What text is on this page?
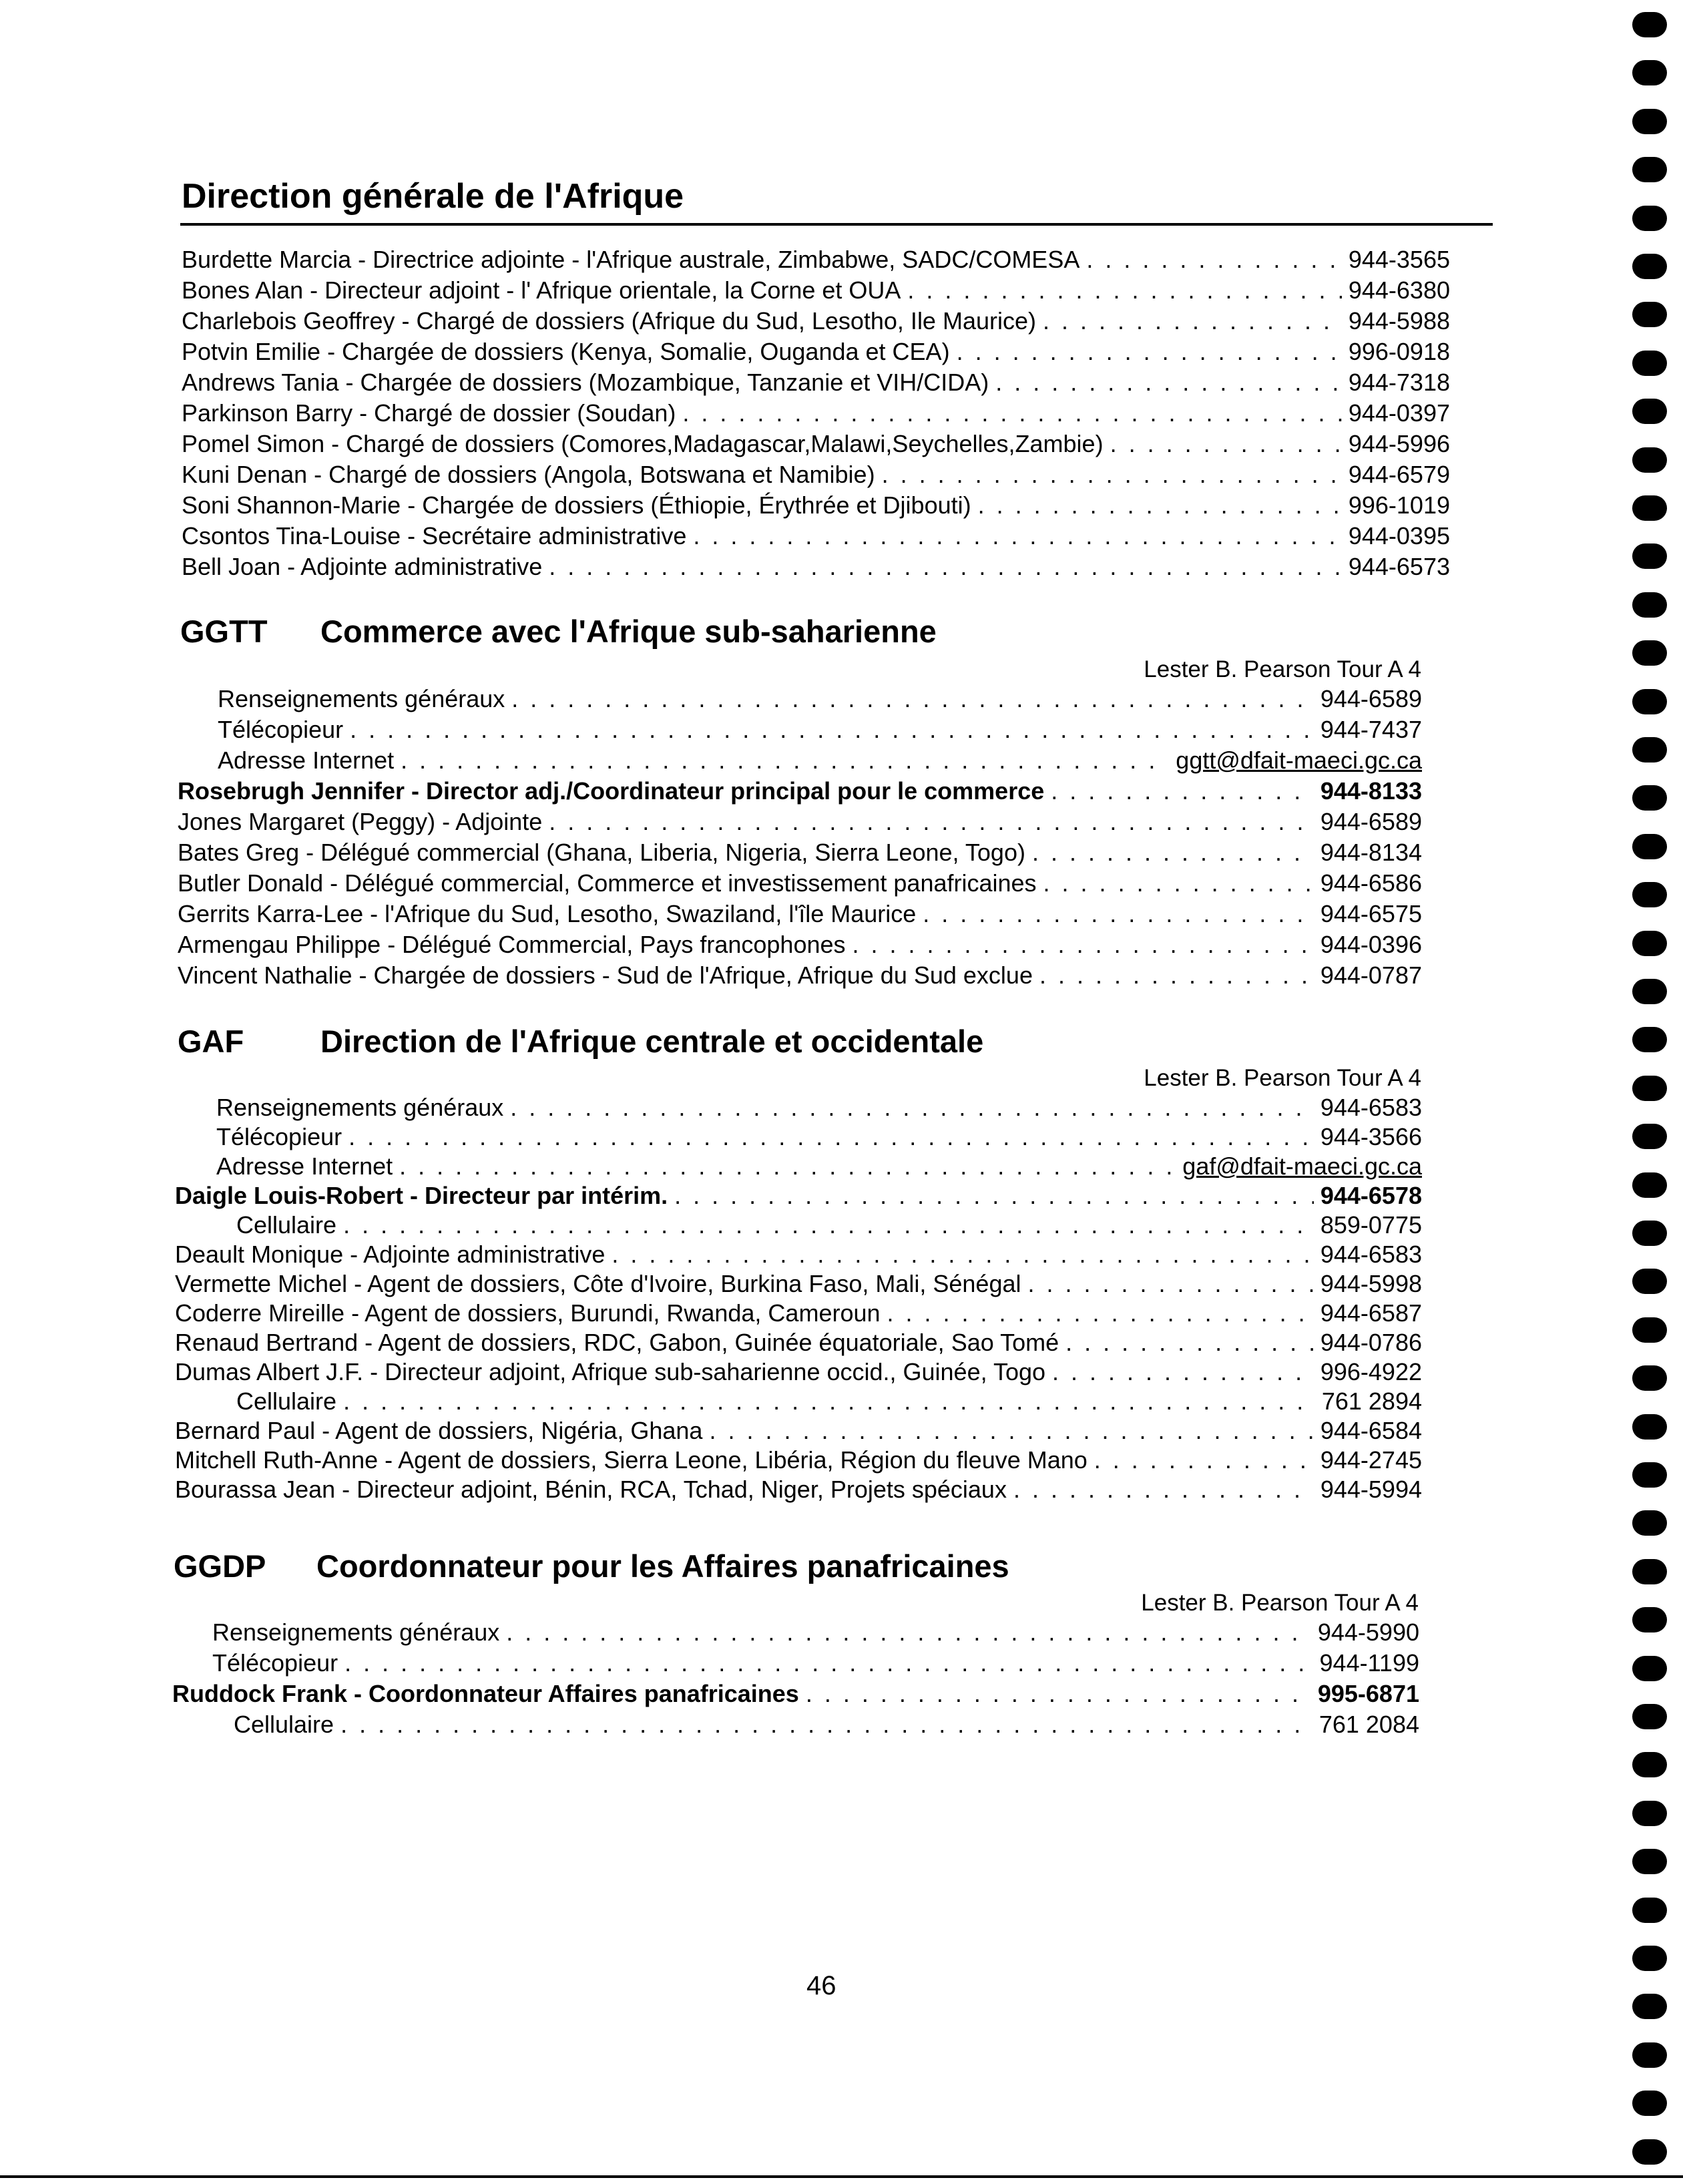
Direction générale de l'Afrique
Burdette Marcia - Directrice adjointe - l'Afrique australe, Zimbabwe, SADC/COMESA . . .	944-3565
Bones Alan - Directeur adjoint - l' Afrique orientale, la Corne et OUA . . .	944-6380
Charlebois Geoffrey - Chargé de dossiers (Afrique du Sud, Lesotho, Ile Maurice) . . .	944-5988
Potvin Emilie - Chargée de dossiers (Kenya, Somalie, Ouganda et CEA) . . .	996-0918
Andrews Tania - Chargée de dossiers (Mozambique, Tanzanie et VIH/CIDA) . . .	944-7318
Parkinson Barry - Chargé de dossier (Soudan) . . .	944-0397
Pomel Simon - Chargé de dossiers (Comores,Madagascar,Malawi,Seychelles,Zambie) . . .	944-5996
Kuni Denan - Chargé de dossiers (Angola, Botswana et Namibie) . . .	944-6579
Soni Shannon-Marie - Chargée de dossiers (Éthiopie, Érythrée et Djibouti) . . .	996-1019
Csontos Tina-Louise - Secrétaire administrative . . .	944-0395
Bell Joan - Adjointe administrative . . .	944-6573
GGTT Commerce avec l'Afrique sub-saharienne
Lester B. Pearson Tour A 4
Renseignements généraux . . .	944-6589
Télécopieur . . .	944-7437
Adresse Internet . . .	ggtt@dfait-maeci.gc.ca
Rosebrugh Jennifer - Director adj./Coordinateur principal pour le commerce . . .	944-8133
Jones Margaret (Peggy) - Adjointe . . .	944-6589
Bates Greg - Délégué commercial (Ghana, Liberia, Nigeria, Sierra Leone, Togo) . . .	944-8134
Butler Donald - Délégué commercial, Commerce et investissement panafricaines . . .	944-6586
Gerrits Karra-Lee - l'Afrique du Sud, Lesotho, Swaziland, l'île Maurice . . .	944-6575
Armengau Philippe - Délégué Commercial, Pays francophones . . .	944-0396
Vincent Nathalie - Chargée de dossiers - Sud de l'Afrique, Afrique du Sud exclue . . .	944-0787
GAF Direction de l'Afrique centrale et occidentale
Lester B. Pearson Tour A 4
Renseignements généraux . . .	944-6583
Télécopieur . . .	944-3566
Adresse Internet . . .	gaf@dfait-maeci.gc.ca
Daigle Louis-Robert - Directeur par intérim. . . .	944-6578
Cellulaire . . .	859-0775
Deault Monique - Adjointe administrative . . .	944-6583
Vermette Michel - Agent de dossiers, Côte d'Ivoire, Burkina Faso, Mali, Sénégal . . .	944-5998
Coderre Mireille - Agent de dossiers, Burundi, Rwanda, Cameroun . . .	944-6587
Renaud Bertrand - Agent de dossiers, RDC, Gabon, Guinée équatoriale, Sao Tomé . . .	944-0786
Dumas Albert J.F. - Directeur adjoint, Afrique sub-saharienne occid., Guinée, Togo . . .	996-4922
Cellulaire . . .	761 2894
Bernard Paul - Agent de dossiers, Nigéria, Ghana . . .	944-6584
Mitchell Ruth-Anne - Agent de dossiers, Sierra Leone, Libéria, Région du fleuve Mano . . .	944-2745
Bourassa Jean - Directeur adjoint, Bénin, RCA, Tchad, Niger, Projets spéciaux . . .	944-5994
GGDP Coordonnateur pour les Affaires panafricaines
Lester B. Pearson Tour A 4
Renseignements généraux . . .	944-5990
Télécopieur . . .	944-1199
Ruddock Frank - Coordonnateur Affaires panafricaines . . .	995-6871
Cellulaire . . .	761 2084
46
